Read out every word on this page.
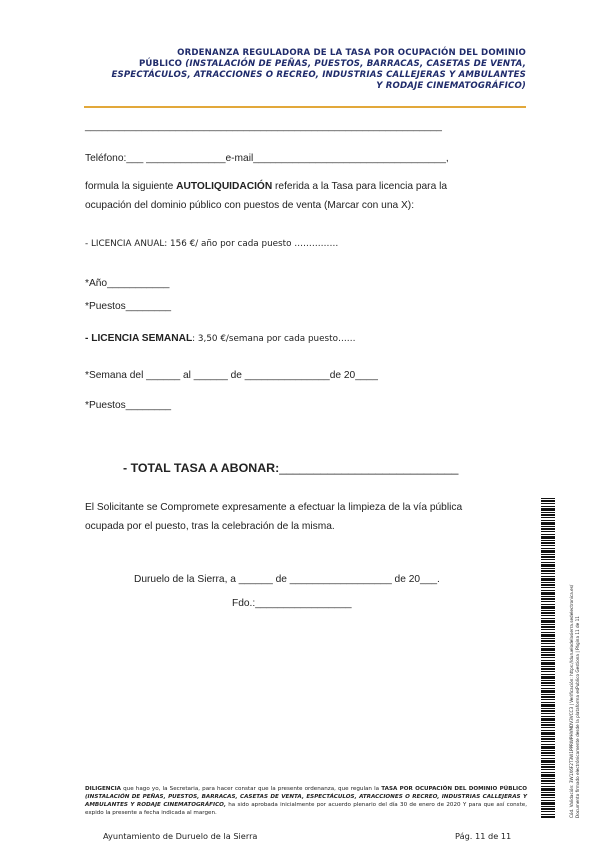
ORDENANZA REGULADORA DE LA TASA POR OCUPACIÓN DEL DOMINIO
PÚBLICO (INSTALACIÓN DE PEÑAS, PUESTOS, BARRACAS, CASETAS DE VENTA,
ESPECTÁCULOS, ATRACCIONES O RECREO, INDUSTRIAS CALLEJERAS Y AMBULANTES
Y RODAJE CINEMATOGRÁFICO)
_______________________________________________________________
Teléfono:___ ______________e-mail__________________________________,
formula la siguiente AUTOLIQUIDACIÓN referida a la Tasa para licencia para la
ocupación del dominio público con puestos de venta (Marcar con una X):
- LICENCIA ANUAL: 156 €/ año por cada puesto ……………
*Año___________
*Puestos________
- LICENCIA SEMANAL: 3,50 €/semana por cada puesto……
*Semana del ______ al ______ de _______________de 20____
*Puestos________
- TOTAL TASA A ABONAR:__________________________
El Solicitante se Compromete expresamente a efectuar la limpieza de la vía pública
ocupada por el puesto, tras la celebración de la misma.
Duruelo de la Sierra, a ______ de __________________ de 20___.
Fdo.:_________________
DILIGENCIA que hago yo, la Secretaria, para hacer constar que la presente ordenanza, que regulan la TASA POR OCUPACIÓN DEL DOMINIO PÚBLICO (INSTALACIÓN DE PEÑAS, PUESTOS, BARRACAS, CASETAS DE VENTA, ESPECTÁCULOS, ATRACCIONES O RECREO, INDUSTRIAS CALLEJERAS Y AMBULANTES Y RODAJE CINEMATOGRÁFICO, ha sido aprobada inicialmente por acuerdo plenario del día 30 de enero de 2020 Y para que así conste, expido la presente a fecha indicada al margen.
Ayuntamiento de Duruelo de la Sierra	Pág. 11 de 11
Cód. Validación: 3W1X6F2T3W1PPRWPHVMDV3VCC3 | Verificación: https://duruelodelasierra.sedelectronica.es/ Documento firmado electrónicamente desde la plataforma esPublico Gestiona | Página 11 de 11
